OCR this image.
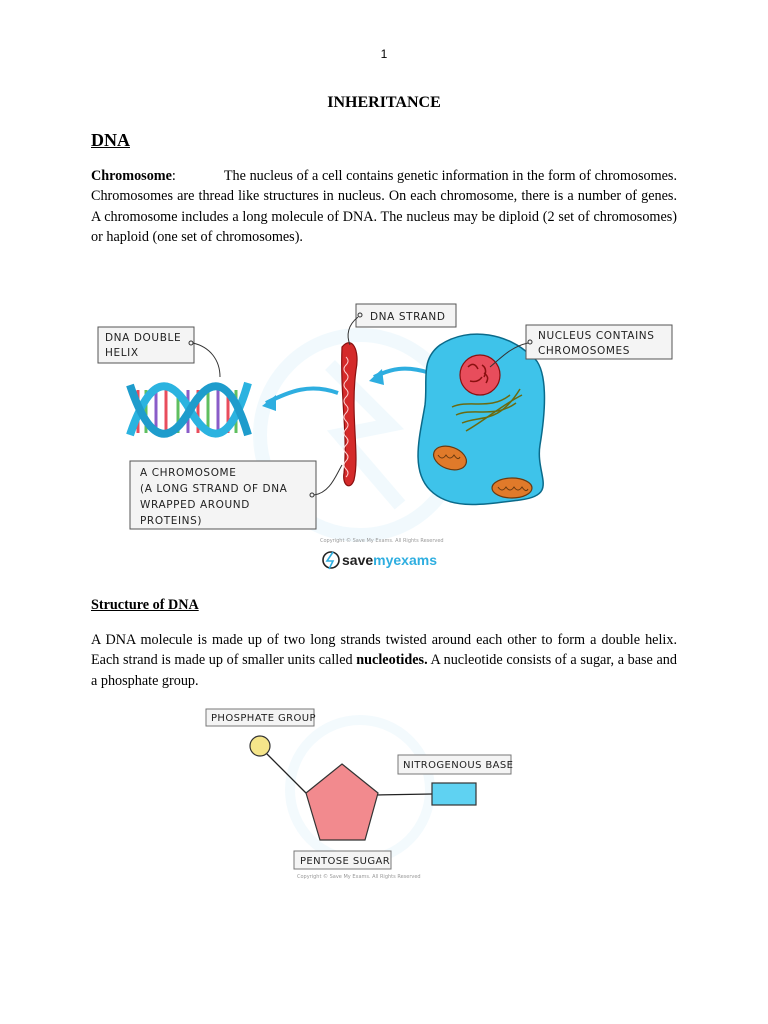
1
INHERITANCE
DNA
Chromosome:	The nucleus of a cell contains genetic information in the form of chromosomes. Chromosomes are thread like structures in nucleus. On each chromosome, there is a number of genes. A chromosome includes a long molecule of DNA. The nucleus may be diploid (2 set of chromosomes) or haploid (one set of chromosomes).
DNA STRAND
DNA DOUBLE
HELIX
NUCLEUS CONTAINS
CHROMOSOMES
A CHROMOSOME
(A LONG STRAND OF DNA
WRAPPED AROUND
PROTEINS)
Copyright © Save My Exams. All Rights Reserved
savemyexams
Structure of DNA
A DNA molecule is made up of two long strands twisted around each other to form a double helix. Each strand is made up of smaller units called nucleotides. A nucleotide consists of a sugar, a base and a phosphate group.
PHOSPHATE GROUP
NITROGENOUS BASE
PENTOSE SUGAR
Copyright © Save My Exams. All Rights Reserved
